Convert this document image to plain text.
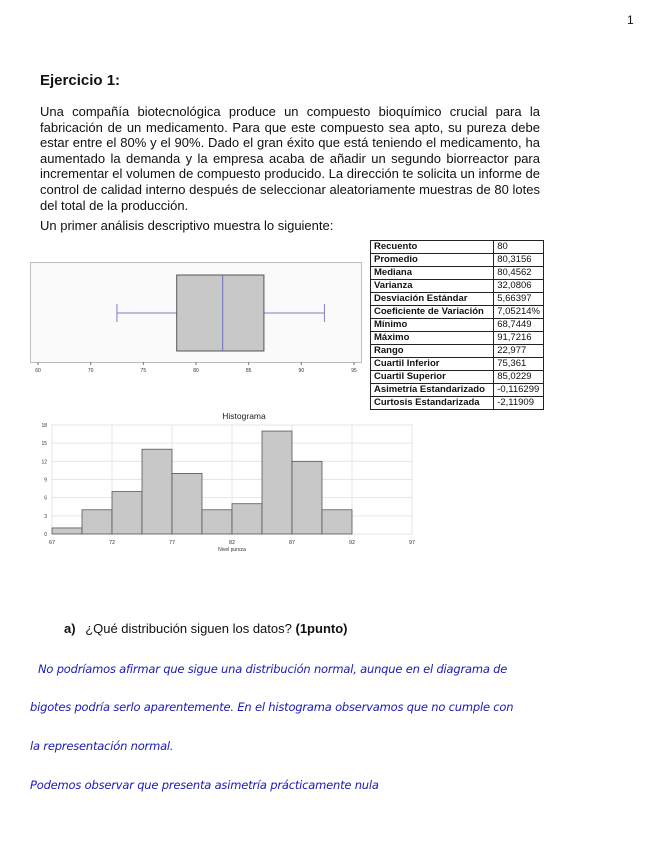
1
Ejercicio 1:

Una compañía biotecnológica produce un compuesto bioquímico crucial para la fabricación de un medicamento. Para que este compuesto sea apto, su pureza debe estar entre el 80% y el 90%. Dado el gran éxito que está teniendo el medicamento, ha aumentado la demanda y la empresa acaba de añadir un segundo biorreactor para incrementar el volumen de compuesto producido. La dirección te solicita un informe de control de calidad interno después de seleccionar aleatoriamente muestras de 80 lotes del total de la producción.

Un primer análisis descriptivo muestra lo siguiente:

60	70	75	80	85	90	95
Recuento	80
Promedio	80,3156
Mediana	80,4562
Varianza	32,0806
Desviación Estándar	5,66397
Coeficiente de Variación	7,05214%
Mínimo	68,7449
Máximo	91,7216
Rango	22,977
Cuartil Inferior	75,361
Cuartil Superior	85,0229
Asimetría Estandarizado	-0,116299
Curtosis Estandarizada	-2,11909
Histograma
0
3
6
9
12
15
18
67	72	77	82	87	92	97
Nivel pureza

a) ¿Qué distribución siguen los datos? (1punto)

No podríamos afirmar que sigue una distribución normal, aunque en el diagrama de

bigotes podría serlo aparentemente. En el histograma observamos que no cumple con

la representación normal.

Podemos observar que presenta asimetría prácticamente nula
